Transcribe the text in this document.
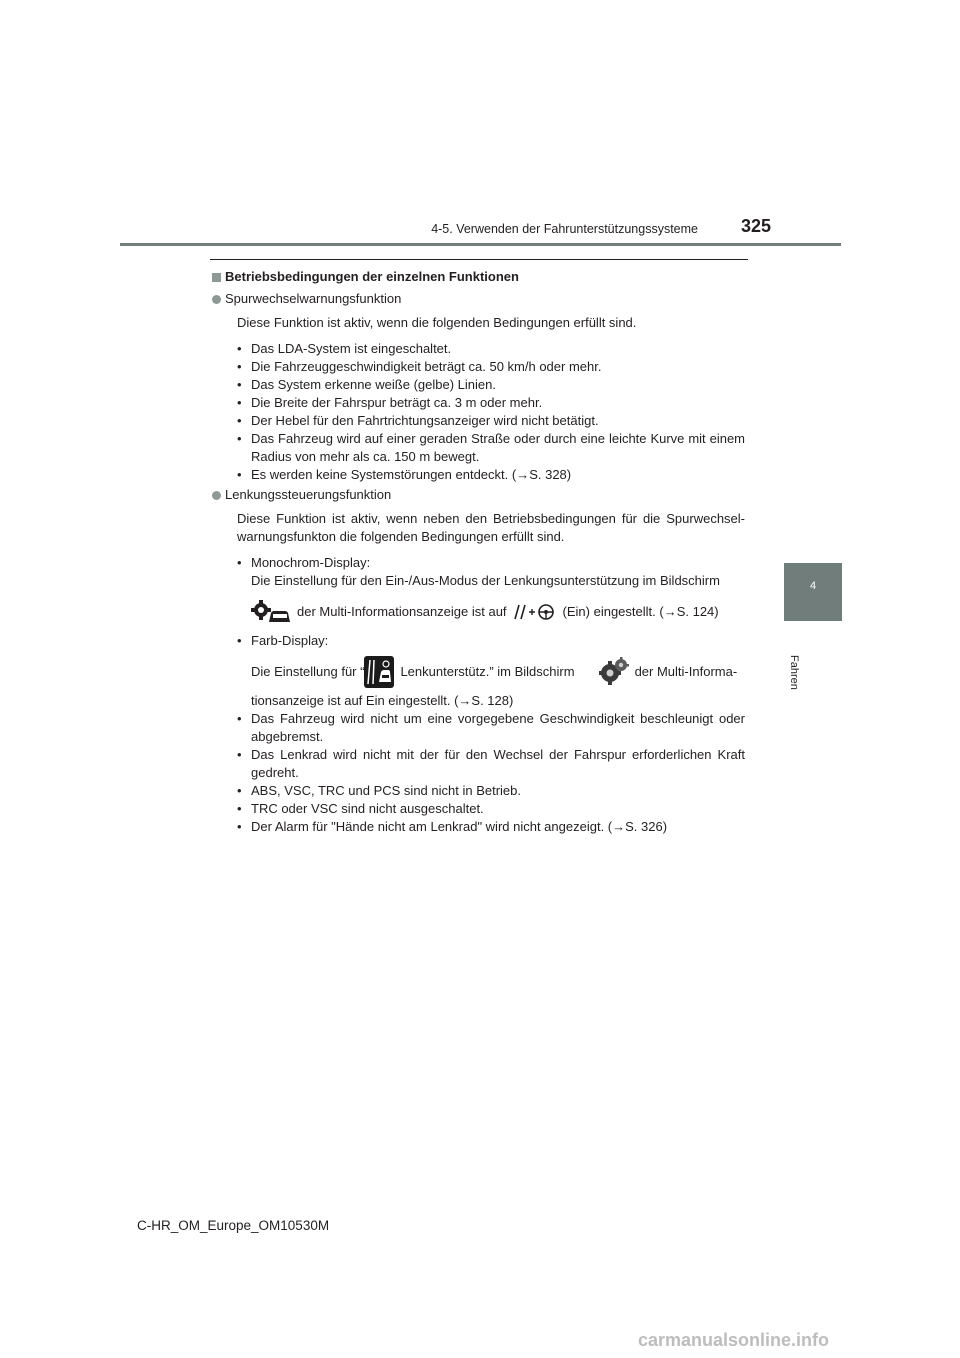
4-5. Verwenden der Fahrunterstützungssysteme 325
4
Fahren
Betriebsbedingungen der einzelnen Funktionen
Spurwechselwarnungsfunktion
Diese Funktion ist aktiv, wenn die folgenden Bedingungen erfüllt sind.
• Das LDA-System ist eingeschaltet.
• Die Fahrzeuggeschwindigkeit beträgt ca. 50 km/h oder mehr.
• Das System erkenne weiße (gelbe) Linien.
• Die Breite der Fahrspur beträgt ca. 3 m oder mehr.
• Der Hebel für den Fahrtrichtungsanzeiger wird nicht betätigt.
• Das Fahrzeug wird auf einer geraden Straße oder durch eine leichte Kurve mit einem Radius von mehr als ca. 150 m bewegt.
• Es werden keine Systemstörungen entdeckt. (→S. 328)
Lenkungssteuerungsfunktion
Diese Funktion ist aktiv, wenn neben den Betriebsbedingungen für die Spurwechsel-warnungsfunkton die folgenden Bedingungen erfüllt sind.
• Monochrom-Display:
Die Einstellung für den Ein-/Aus-Modus der Lenkungsunterstützung im Bildschirm
der Multi-Informationsanzeige ist auf	(Ein) eingestellt. (→S. 124)
• Farb-Display:
Die Einstellung für “	Lenkunterstütz.” im Bildschirm	der Multi-Informa-
tionsanzeige ist auf Ein eingestellt. (→S. 128)
• Das Fahrzeug wird nicht um eine vorgegebene Geschwindigkeit beschleunigt oder abgebremst.
• Das Lenkrad wird nicht mit der für den Wechsel der Fahrspur erforderlichen Kraft gedreht.
• ABS, VSC, TRC und PCS sind nicht in Betrieb.
• TRC oder VSC sind nicht ausgeschaltet.
• Der Alarm für "Hände nicht am Lenkrad" wird nicht angezeigt. (→S. 326)
C-HR_OM_Europe_OM10530M
carmanualsonline.info
